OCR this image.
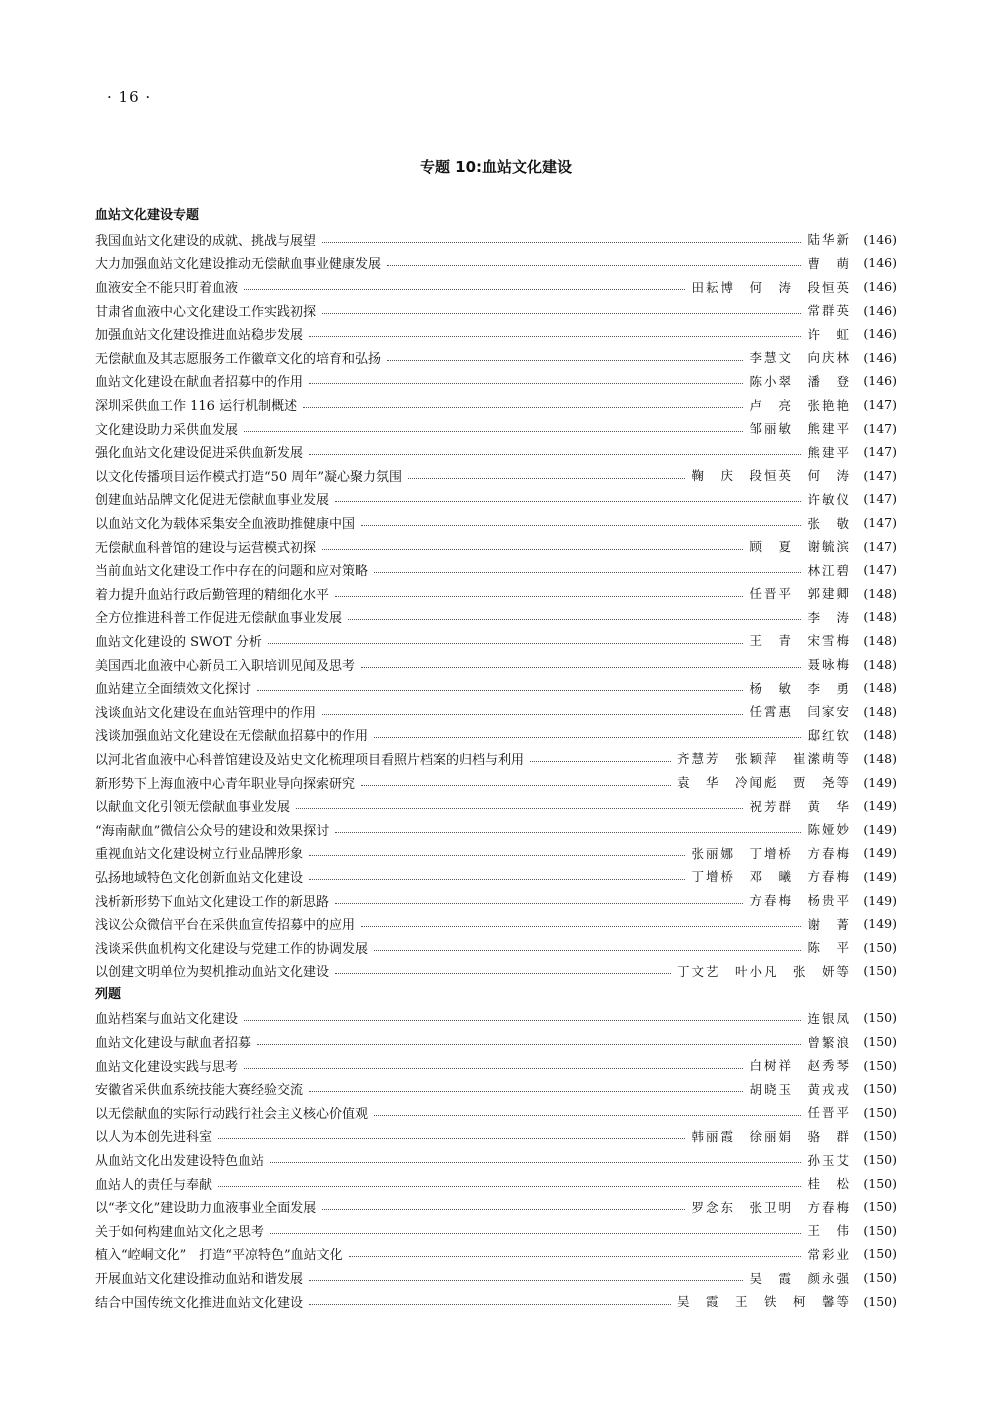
· 16 ·
专题 10:血站文化建设
血站文化建设专题
我国血站文化建设的成就、挑战与展望	陆华新 (146)
大力加强血站文化建设推动无偿献血事业健康发展	曹　萌 (146)
血液安全不能只盯着血液	田耘博　何　涛　段恒英 (146)
甘肃省血液中心文化建设工作实践初探	常群英 (146)
加强血站文化建设推进血站稳步发展	许　虹 (146)
无偿献血及其志愿服务工作徽章文化的培育和弘扬	李慧文　向庆林 (146)
血站文化建设在献血者招募中的作用	陈小翠　潘　登 (146)
深圳采供血工作 116 运行机制概述	卢　亮　张艳艳 (147)
文化建设助力采供血发展	邹丽敏　熊建平 (147)
强化血站文化建设促进采供血新发展	熊建平 (147)
以文化传播项目运作模式打造“50 周年”凝心聚力氛围	鞠　庆　段恒英　何　涛 (147)
创建血站品牌文化促进无偿献血事业发展	许敏仪 (147)
以血站文化为载体采集安全血液助推健康中国	张　敬 (147)
无偿献血科普馆的建设与运营模式初探	顾　夏　谢毓滨 (147)
当前血站文化建设工作中存在的问题和应对策略	林江碧 (147)
着力提升血站行政后勤管理的精细化水平	任晋平　郭建卿 (148)
全方位推进科普工作促进无偿献血事业发展	李　涛 (148)
血站文化建设的 SWOT 分析	王　青　宋雪梅 (148)
美国西北血液中心新员工入职培训见闻及思考	聂咏梅 (148)
血站建立全面绩效文化探讨	杨　敏　李　勇 (148)
浅谈血站文化建设在血站管理中的作用	任霄惠　闫家安 (148)
浅谈加强血站文化建设在无偿献血招募中的作用	邸红钦 (148)
以河北省血液中心科普馆建设及站史文化梳理项目看照片档案的归档与利用	齐慧芳　张颖萍　崔潆萌等 (148)
新形势下上海血液中心青年职业导向探索研究	袁　华　冷闻彪　贾　尧等 (149)
以献血文化引领无偿献血事业发展	祝芳群　黄　华 (149)
“海南献血”微信公众号的建设和效果探讨	陈娅妙 (149)
重视血站文化建设树立行业品牌形象	张丽娜　丁增桥　方春梅 (149)
弘扬地域特色文化创新血站文化建设	丁增桥　邓　曦　方春梅 (149)
浅析新形势下血站文化建设工作的新思路	方春梅　杨贵平 (149)
浅议公众微信平台在采供血宣传招募中的应用	谢　菁 (149)
浅谈采供血机构文化建设与党建工作的协调发展	陈　平 (150)
以创建文明单位为契机推动血站文化建设	丁文艺　叶小凡　张　妍等 (150)
列题
血站档案与血站文化建设	连银凤 (150)
血站文化建设与献血者招募	曾繁浪 (150)
血站文化建设实践与思考	白树祥　赵秀琴 (150)
安徽省采供血系统技能大赛经验交流	胡晓玉　黄戎戎 (150)
以无偿献血的实际行动践行社会主义核心价值观	任晋平 (150)
以人为本创先进科室	韩丽霞　徐丽娟　骆　群 (150)
从血站文化出发建设特色血站	孙玉艾 (150)
血站人的责任与奉献	桂　松 (150)
以“孝文化”建设助力血液事业全面发展	罗念东　张卫明　方春梅 (150)
关于如何构建血站文化之思考	王　伟 (150)
植入“崆峒文化”　打造“平凉特色”血站文化	常彩业 (150)
开展血站文化建设推动血站和谐发展	吴　霞　颜永强 (150)
结合中国传统文化推进血站文化建设	吴　霞　王　铁　柯　馨等 (150)
